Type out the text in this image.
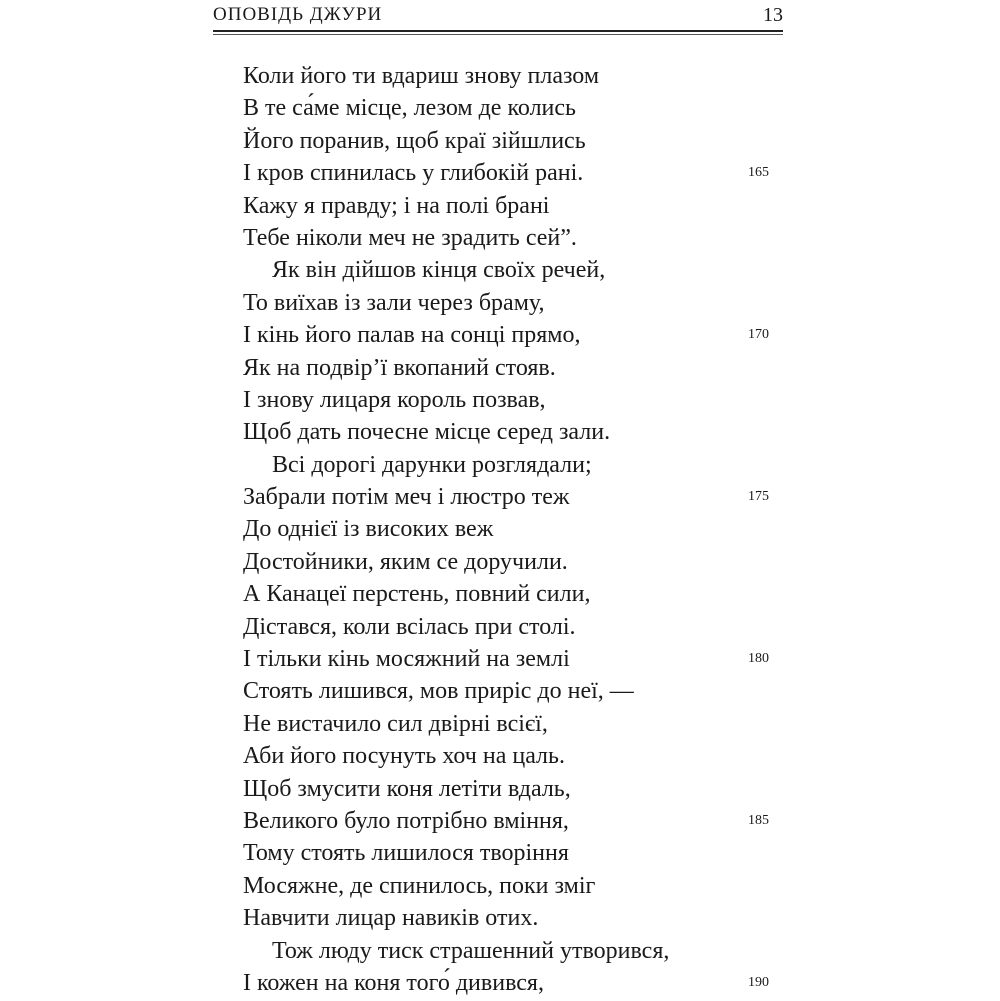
ОПОВІДЬ ДЖУРИ	13
Коли його ти вдариш знову плазом
В те са́ме місце, лезом де колись
Його поранив, щоб краї зійшлись
І кров спинилась у глибокій рані.	165
Кажу я правду; і на полі брані
Тебе ніколи меч не зрадить сей”.
Як він дійшов кінця своїх речей,
То виїхав із зали через браму,
І кінь його палав на сонці прямо,	170
Як на подвір’ї вкопаний стояв.
І знову лицаря король позвав,
Щоб дать почесне місце серед зали.
Всі дорогі дарунки розглядали;
Забрали потім меч і люстро теж	175
До однієї із високих веж
Достойники, яким се доручили.
А Канацеї перстень, повний сили,
Дістався, коли всілась при столі.
І тільки кінь мосяжний на землі	180
Стоять лишився, мов приріс до неї, —
Не вистачило сил двірні всієї,
Аби його посунуть хоч на цаль.
Щоб змусити коня летіти вдаль,
Великого було потрібно вміння,	185
Тому стоять лишилося творіння
Мосяжне, де спинилось, поки зміг
Навчити лицар навиків отих.
Тож люду тиск страшенний утворився,
І кожен на коня того́ дивився,	190
